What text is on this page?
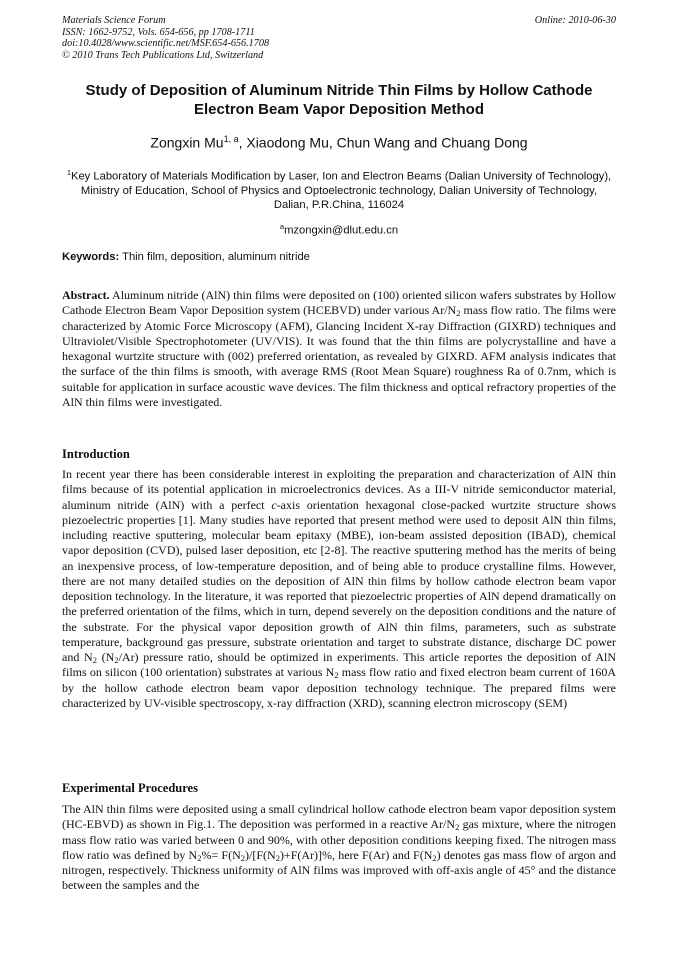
Materials Science Forum
ISSN: 1662-9752, Vols. 654-656, pp 1708-1711
doi:10.4028/www.scientific.net/MSF.654-656.1708
© 2010 Trans Tech Publications Ltd, Switzerland
Online: 2010-06-30
Study of Deposition of Aluminum Nitride Thin Films by Hollow Cathode
Electron Beam Vapor Deposition Method
Zongxin Mu$^{1, a}$, Xiaodong Mu, Chun Wang and Chuang Dong
$^1$Key Laboratory of Materials Modification by Laser, Ion and Electron Beams (Dalian University of Technology), Ministry of Education, School of Physics and Optoelectronic technology, Dalian University of Technology, Dalian, P.R.China, 116024
$^a$mzongxin@dlut.edu.cn
Keywords: Thin film, deposition, aluminum nitride
Abstract. Aluminum nitride (AlN) thin films were deposited on (100) oriented silicon wafers substrates by Hollow Cathode Electron Beam Vapor Deposition system (HCEBVD) under various $Ar/N_2$ mass flow ratio. The films were characterized by Atomic Force Microscopy (AFM), Glancing Incident X-ray Diffraction (GIXRD) techniques and Ultraviolet/Visible Spectrophotometer (UV/VIS). It was found that the thin films are polycrystalline and have a hexagonal wurtzite structure with (002) preferred orientation, as revealed by GIXRD. AFM analysis indicates that the surface of the thin films is smooth, with average RMS (Root Mean Square) roughness Ra of 0.7nm, which is suitable for application in surface acoustic wave devices. The film thickness and optical refractory properties of the AlN thin films were investigated.
Introduction
In recent year there has been considerable interest in exploiting the preparation and characterization of AlN thin films because of its potential application in microelectronics devices. As a III-V nitride semiconductor material, aluminum nitride (AlN) with a perfect c-axis orientation hexagonal close-packed wurtzite structure shows piezoelectric properties [1]. Many studies have reported that present method were used to deposit AlN thin films, including reactive sputtering, molecular beam epitaxy (MBE), ion-beam assisted deposition (IBAD), chemical vapor deposition (CVD), pulsed laser deposition, etc [2-8]. The reactive sputtering method has the merits of being an inexpensive process, of low-temperature deposition, and of being able to produce crystalline films. However, there are not many detailed studies on the deposition of AlN thin films by hollow cathode electron beam vapor deposition technology. In the literature, it was reported that piezoelectric properties of AlN depend dramatically on the preferred orientation of the films, which in turn, depend severely on the deposition conditions and the nature of the substrate. For the physical vapor deposition growth of AlN thin films, parameters, such as substrate temperature, background gas pressure, substrate orientation and target to substrate distance, discharge DC power and $N_2$ $(N_2/Ar)$ pressure ratio, should be optimized in experiments. This article reportes the deposition of AlN films on silicon (100 orientation) substrates at various $N_2$ mass flow ratio and fixed electron beam current of 160A by the hollow cathode electron beam vapor deposition technology technique. The prepared films were characterized by UV-visible spectroscopy, x-ray diffraction (XRD), scanning electron microscopy (SEM)
Experimental Procedures
The AlN thin films were deposited using a small cylindrical hollow cathode electron beam vapor deposition system (HC-EBVD) as shown in Fig.1. The deposition was performed in a reactive $Ar/N_2$ gas mixture, where the nitrogen mass flow ratio was varied between 0 and 90%, with other deposition conditions keeping fixed. The nitrogen mass flow ratio was defined by $N_2\%= F(N_2)/[F(N_2)+F(Ar)]\%$, here F(Ar) and $F(N_2)$ denotes gas mass flow of argon and nitrogen, respectively. Thickness uniformity of AlN films was improved with off-axis angle of 45° and the distance between the samples and the
